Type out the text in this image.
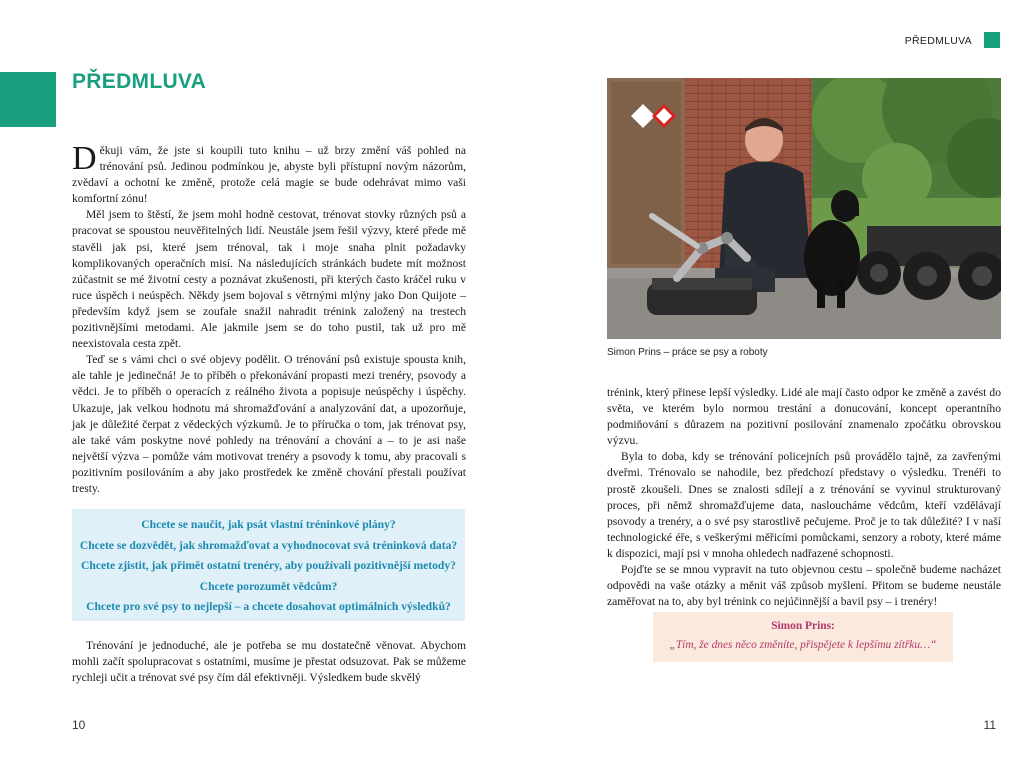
PŘEDMLUVA

Děkuji vám, že jste si koupili tuto knihu – už brzy změní váš pohled na trénování psů. Jedinou podmínkou je, abyste byli přístupní novým názorům, zvědaví a ochotní ke změně, protože celá magie se bude odehrávat mimo vaši komfortní zónu!

Měl jsem to štěstí, že jsem mohl hodně cestovat, trénovat stovky různých psů a pracovat se spoustou neuvěřitelných lidí. Neustále jsem řešil výzvy, které přede mě stavěli jak psi, které jsem trénoval, tak i moje snaha plnit požadavky komplikovaných operačních misí. Na následujících stránkách budete mít možnost zúčastnit se mé životní cesty a poznávat zkušenosti, při kterých často kráčel ruku v ruce úspěch i neúspěch. Někdy jsem bojoval s větrnými mlýny jako Don Quijote – především když jsem se zoufale snažil nahradit trénink založený na trestech pozitivnějšími metodami. Ale jakmile jsem se do toho pustil, tak už pro mě neexistovala cesta zpět.

Teď se s vámi chci o své objevy podělit. O trénování psů existuje spousta knih, ale tahle je jedinečná! Je to příběh o překonávání propasti mezi trenéry, psovody a vědci. Je to příběh o operacích z reálného života a popisuje neúspěchy i úspěchy. Ukazuje, jak velkou hodnotu má shromažďování a analyzování dat, a upozorňuje, jak je důležité čerpat z vědeckých výzkumů. Je to příručka o tom, jak trénovat psy, ale také vám poskytne nové pohledy na trénování a chování a – to je asi naše největší výzva – pomůže vám motivovat trenéry a psovody k tomu, aby pracovali s pozitivním posilováním a aby jako prostředek ke změně chování přestali používat tresty.

Chcete se naučit, jak psát vlastní tréninkové plány?
Chcete se dozvědět, jak shromažďovat a vyhodnocovat svá tréninková data?
Chcete zjistit, jak přimět ostatní trenéry, aby používali pozitivnější metody?
Chcete porozumět vědcům?
Chcete pro své psy to nejlepší – a chcete dosahovat optimálních výsledků?

Trénování je jednoduché, ale je potřeba se mu dostatečně věnovat. Abychom mohli začít spolupracovat s ostatními, musíme je přestat odsuzovat. Pak se můžeme rychleji učit a trénovat své psy čím dál efektivněji. Výsledkem bude skvělý

10
PŘEDMLUVA
Simon Prins – práce se psy a roboty

trénink, který přinese lepší výsledky. Lidé ale mají často odpor ke změně a zavést do světa, ve kterém bylo normou trestání a donucování, koncept operantního podmiňování s důrazem na pozitivní posilování znamenalo zpočátku obrovskou výzvu.

Byla to doba, kdy se trénování policejních psů provádělo tajně, za zavřenými dveřmi. Trénovalo se nahodile, bez předchozí představy o výsledku. Trenéři to prostě zkoušeli. Dnes se znalosti sdílejí a z trénování se vyvinul strukturovaný proces, při němž shromažďujeme data, nasloucháme vědcům, kteří vzdělávají psovody a trenéry, a o své psy starostlivě pečujeme. Proč je to tak důležité? I v naší technologické éře, s veškerými měřicími pomůckami, senzory a roboty, které máme k dispozici, mají psi v mnoha ohledech nadřazené schopnosti.

Pojďte se se mnou vypravit na tuto objevnou cestu – společně budeme nacházet odpovědi na vaše otázky a měnit váš způsob myšlení. Přitom se budeme neustále zaměřovat na to, aby byl trénink co nejúčinnější a bavil psy – i trenéry!

Simon Prins:
„Tím, že dnes něco změníte, přispějete k lepšímu zítřku…“
11
